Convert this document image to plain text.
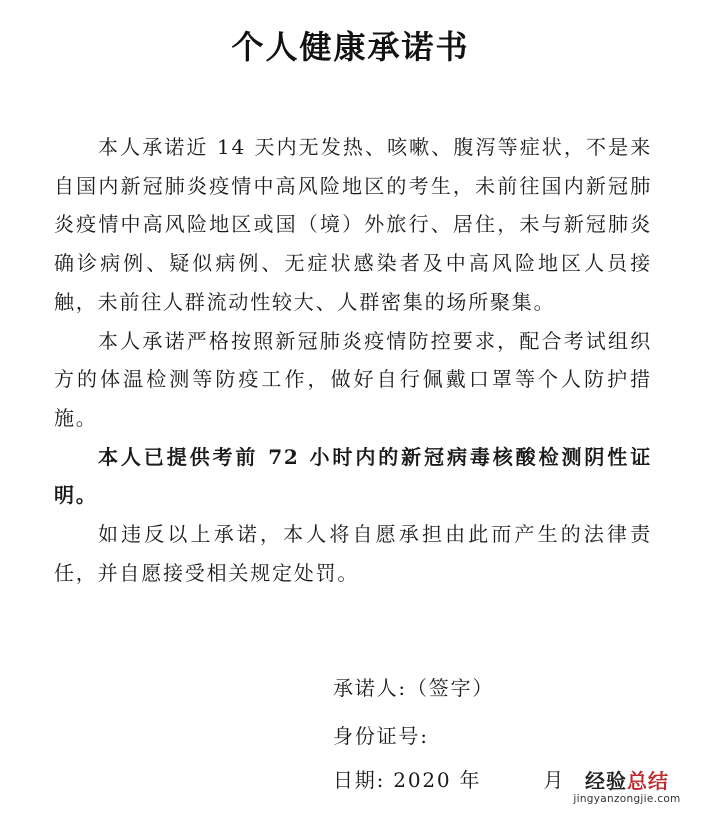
个人健康承诺书

本人承诺近 14 天内无发热、咳嗽、腹泻等症状，不是来自国内新冠肺炎疫情中高风险地区的考生，未前往国内新冠肺炎疫情中高风险地区或国（境）外旅行、居住，未与新冠肺炎确诊病例、疑似病例、无症状感染者及中高风险地区人员接触，未前往人群流动性较大、人群密集的场所聚集。

本人承诺严格按照新冠肺炎疫情防控要求，配合考试组织方的体温检测等防疫工作，做好自行佩戴口罩等个人防护措施。

本人已提供考前 72 小时内的新冠病毒核酸检测阴性证明。

如违反以上承诺，本人将自愿承担由此而产生的法律责任，并自愿接受相关规定处罚。

承诺人:（签字）
身份证号:
日期: 2020 年	月 经验总结
jingyanzongjie.com
